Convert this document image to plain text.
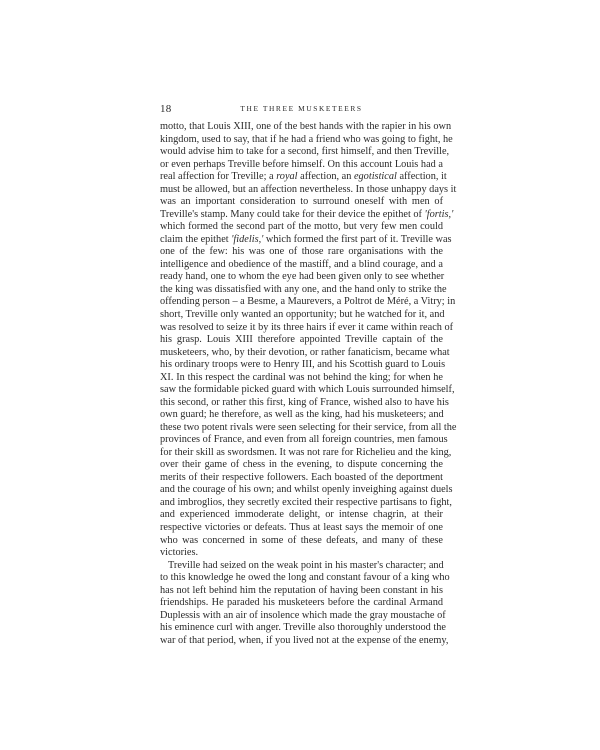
18	THE THREE MUSKETEERS
motto, that Louis XIII, one of the best hands with the rapier in his own
kingdom, used to say, that if he had a friend who was going to fight, he
would advise him to take for a second, first himself, and then Treville,
or even perhaps Treville before himself. On this account Louis had a
real affection for Treville; a royal affection, an egotistical affection, it
must be allowed, but an affection nevertheless. In those unhappy days it
was an important consideration to surround oneself with men of
Treville's stamp. Many could take for their device the epithet of 'fortis,'
which formed the second part of the motto, but very few men could
claim the epithet 'fidelis,' which formed the first part of it. Treville was
one of the few: his was one of those rare organisations with the
intelligence and obedience of the mastiff, and a blind courage, and a
ready hand, one to whom the eye had been given only to see whether
the king was dissatisfied with any one, and the hand only to strike the
offending person – a Besme, a Maurevers, a Poltrot de Méré, a Vitry; in
short, Treville only wanted an opportunity; but he watched for it, and
was resolved to seize it by its three hairs if ever it came within reach of
his grasp. Louis XIII therefore appointed Treville captain of the
musketeers, who, by their devotion, or rather fanaticism, became what
his ordinary troops were to Henry III, and his Scottish guard to Louis
XI. In this respect the cardinal was not behind the king; for when he
saw the formidable picked guard with which Louis surrounded himself,
this second, or rather this first, king of France, wished also to have his
own guard; he therefore, as well as the king, had his musketeers; and
these two potent rivals were seen selecting for their service, from all the
provinces of France, and even from all foreign countries, men famous
for their skill as swordsmen. It was not rare for Richelieu and the king,
over their game of chess in the evening, to dispute concerning the
merits of their respective followers. Each boasted of the deportment
and the courage of his own; and whilst openly inveighing against duels
and imbroglios, they secretly excited their respective partisans to fight,
and experienced immoderate delight, or intense chagrin, at their
respective victories or defeats. Thus at least says the memoir of one
who was concerned in some of these defeats, and many of these
victories.
Treville had seized on the weak point in his master's character; and
to this knowledge he owed the long and constant favour of a king who
has not left behind him the reputation of having been constant in his
friendships. He paraded his musketeers before the cardinal Armand
Duplessis with an air of insolence which made the gray moustache of
his eminence curl with anger. Treville also thoroughly understood the
war of that period, when, if you lived not at the expense of the enemy,
